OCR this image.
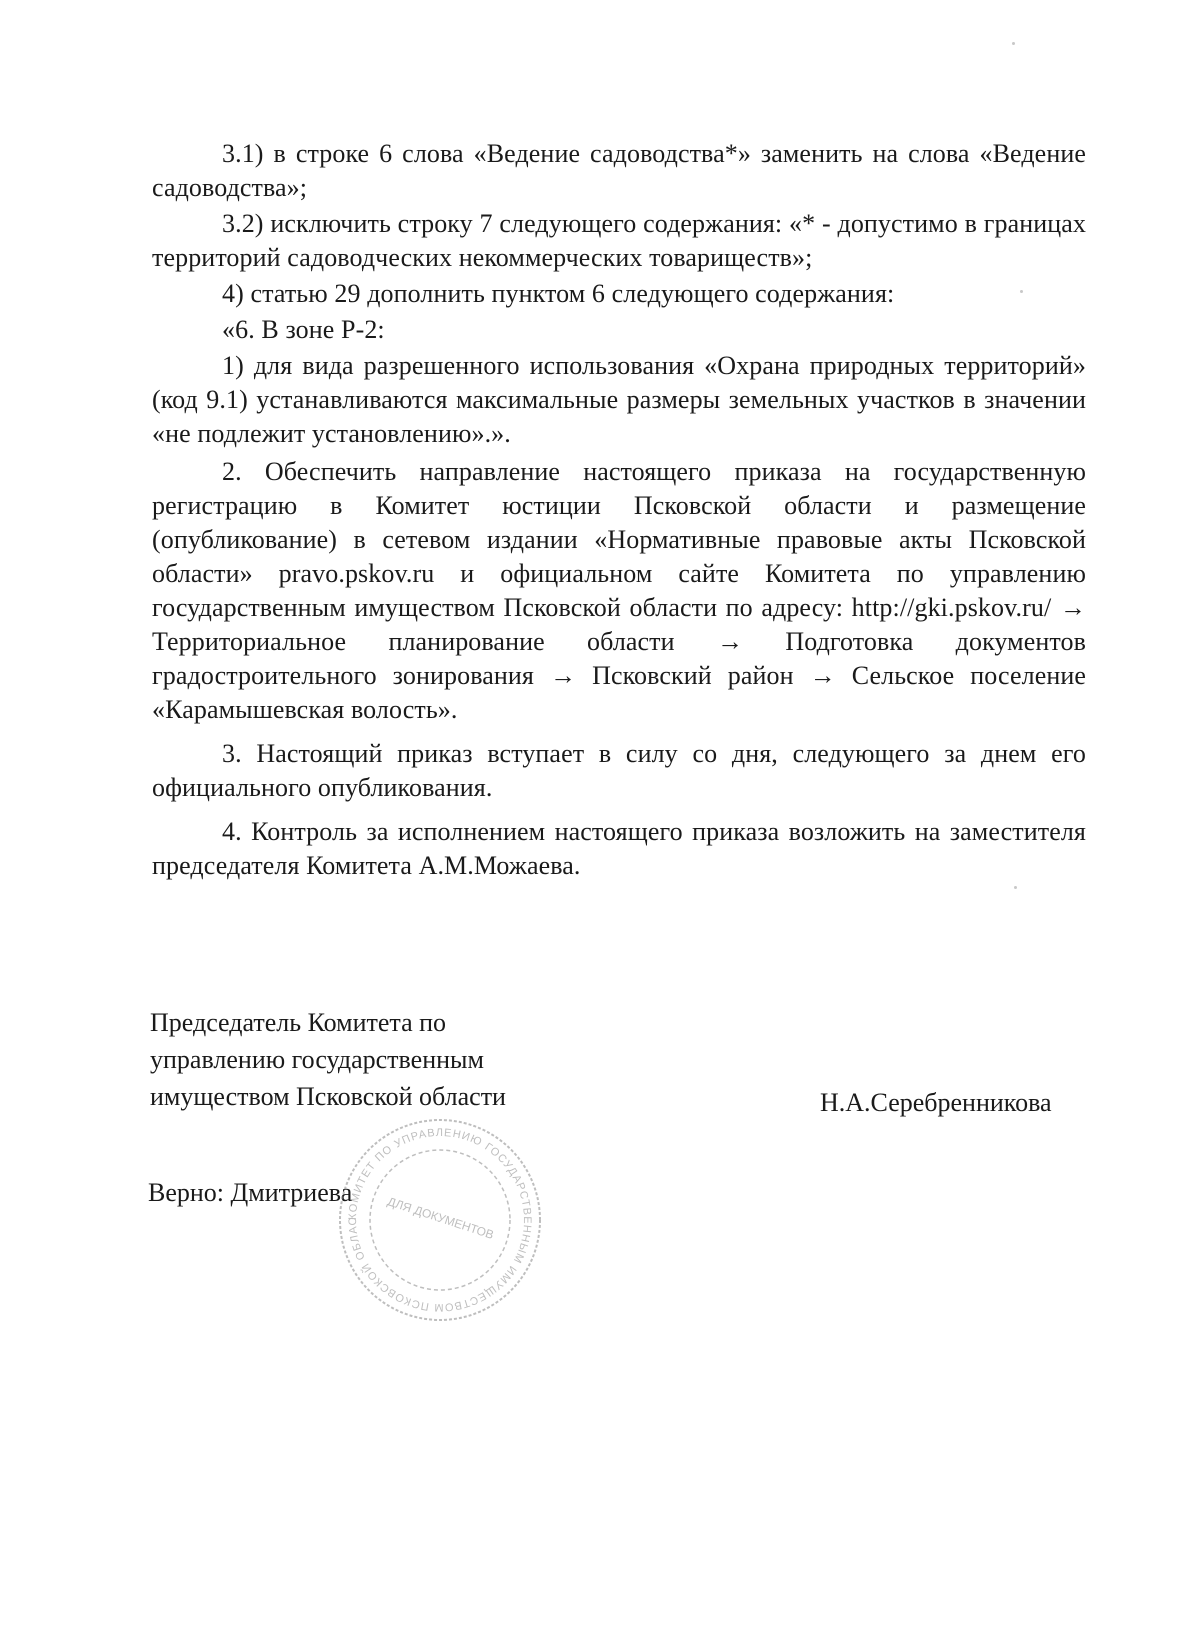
3.1) в строке 6 слова «Ведение садоводства*» заменить на слова «Ведение садоводства»;

3.2) исключить строку 7 следующего содержания: «* - допустимо в границах территорий садоводческих некоммерческих товариществ»;

4) статью 29 дополнить пунктом 6 следующего содержания:

«6. В зоне Р-2:

1) для вида разрешенного использования «Охрана природных территорий» (код 9.1) устанавливаются максимальные размеры земельных участков в значении «не подлежит установлению».».

2. Обеспечить направление настоящего приказа на государственную регистрацию в Комитет юстиции Псковской области и размещение (опубликование) в сетевом издании «Нормативные правовые акты Псковской области» pravo.pskov.ru и официальном сайте Комитета по управлению государственным имуществом Псковской области по адресу: http://gki.pskov.ru/ → Территориальное планирование области → Подготовка документов градостроительного зонирования → Псковский район → Сельское поселение «Карамышевская волость».

3. Настоящий приказ вступает в силу со дня, следующего за днем его официального опубликования.

4. Контроль за исполнением настоящего приказа возложить на заместителя председателя Комитета А.М.Можаева.

Председатель Комитета по
управлению государственным
имуществом Псковской области	Н.А.Серебренникова
Верно: Дмитриева
КОМИТЕТ ПО УПРАВЛЕНИЮ ГОСУДАРСТВЕННЫМ ИМУЩЕСТВОМ ПСКОВСКОЙ ОБЛАС	ДЛЯ ДОКУМЕНТОВ
